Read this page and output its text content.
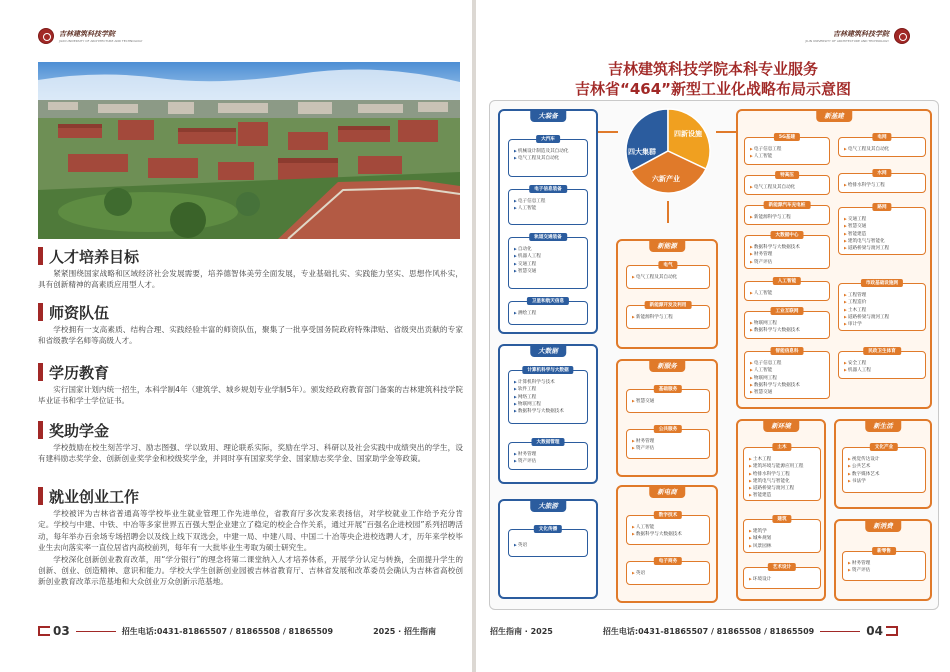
吉林建筑科技学院
JILIN UNIVERSITY OF ARCHITECTURE AND TECHNOLOGY
人才培养目标

紧紧围绕国家战略和区域经济社会发展需要，培养德智体美劳全面发展，专业基础扎实、实践能力坚实、思想作风朴实，具有创新精神的高素质应用型人才。

师资队伍

学校拥有一支高素质、结构合理、实践经验丰富的师资队伍，聚集了一批享受国务院政府特殊津贴、省级突出贡献的专家和省级教学名师等高级人才。

学历教育

实行国家计划内统一招生，本科学制4年（建筑学、城乡规划专业学制5年）。颁发经政府教育部门备案的吉林建筑科技学院毕业证书和学士学位证书。

奖助学金

学校鼓励在校生刻苦学习、励志图强、学以致用、理论联系实际，奖励在学习、科研以及社会实践中成绩突出的学生，设有建科励志奖学金、创新创业奖学金和校级奖学金，并同时享有国家奖学金、国家励志奖学金、国家助学金等政策。

就业创业工作

学校被评为吉林省普通高等学校毕业生就业管理工作先进单位，省教育厅多次发来表扬信，对学校就业工作给予充分肯定。学校与中建、中铁、中冶等多家世界五百强大型企业建立了稳定的校企合作关系，通过开展“百强名企进校园”系列招聘活动，每年举办百余场专场招聘会以及线上线下双选会，中建一局、中建八局、中国二十冶等央企进校选聘人才，历年来学校毕业生去向落实率一直位居省内高校前列，每年有一大批毕业生考取为硕士研究生。

学校深化创新创业教育改革，用“学分银行”的理念将第二课堂纳入人才培养体系，开展学分认定与转换，全面提升学生的创新、创业、创造精神、意识和能力。学校大学生创新创业园被吉林省教育厅、吉林省发展和改革委员会确认为吉林省高校创新创业教育改革示范基地和大众创业万众创新示范基地。

03	招生电话:0431-81865507 / 81865508 / 81865509	2025 · 招生指南
吉林建筑科技学院
JILIN UNIVERSITY OF ARCHITECTURE AND TECHNOLOGY
吉林建筑科技学院本科专业服务
吉林省“464”新型工业化战略布局示意图
大装备
大汽车
▶ 机械设计制造及其自动化
▶ 电气工程及其自动化
电子信息装备
▶ 电子信息工程
▶ 人工智能
轨道交通装备
▶ 自动化
▶ 机器人工程
▶ 交通工程
▶ 智慧交通
卫星和航天信息
▶ 测绘工程
大数据
计算机科学与大数据
▶ 计算机科学与技术
▶ 软件工程
▶ 网络工程
▶ 物联网工程
▶ 数据科学与大数据技术
大数据管理
▶ 财务管理
▶ 资产评估
大旅游
文化传播
▶ 英语
四大集群
四新设施
六新产业
新能源
电气
▶ 电气工程及其自动化
新能源开发及利用
▶ 新能源科学与工程
新服务
基础服务
▶ 智慧交通
公共服务
▶ 财务管理
▶ 资产评估
新电商
数字技术
▶ 人工智能
▶ 数据科学与大数据技术
电子商务
▶ 英语
新基建
5G基建
▶ 电子信息工程
▶ 人工智能
特高压
▶ 电气工程及其自动化
新能源汽车充电桩
▶ 新能源科学与工程
大数据中心
▶ 数据科学与大数据技术
▶ 财务管理
▶ 资产评估
人工智能
▶ 人工智能
工业互联网
▶ 物联网工程
▶ 数据科学与大数据技术
智能信息科
▶ 电子信息工程
▶ 人工智能
▶ 物联网工程
▶ 数据科学与大数据技术
▶ 智慧交通
电网
▶ 电气工程及其自动化
水网
▶ 给排水科学与工程
路网
▶ 交通工程
▶ 智慧交通
▶ 智能建造
▶ 建筑电气与智能化
▶ 道路桥梁与渡河工程
市政基础设施网
▶ 工程管理
▶ 工程造价
▶ 土木工程
▶ 道路桥梁与渡河工程
▶ 审计学
民政卫生体育
▶ 安全工程
▶ 机器人工程
新环境
土木
▶ 土木工程
▶ 建筑环境与能源应用工程
▶ 给排水科学与工程
▶ 建筑电气与智能化
▶ 道路桥梁与渡河工程
▶ 智能建造
建筑
▶ 建筑学
▶ 城乡规划
▶ 风景园林
艺术设计
▶ 环境设计
新生活
文化产业
▶ 视觉传达设计
▶ 公共艺术
▶ 数字媒体艺术
▶ 书法学
新消费
新零售
▶ 财务管理
▶ 资产评估
招生指南 · 2025	招生电话:0431-81865507 / 81865508 / 81865509	04
